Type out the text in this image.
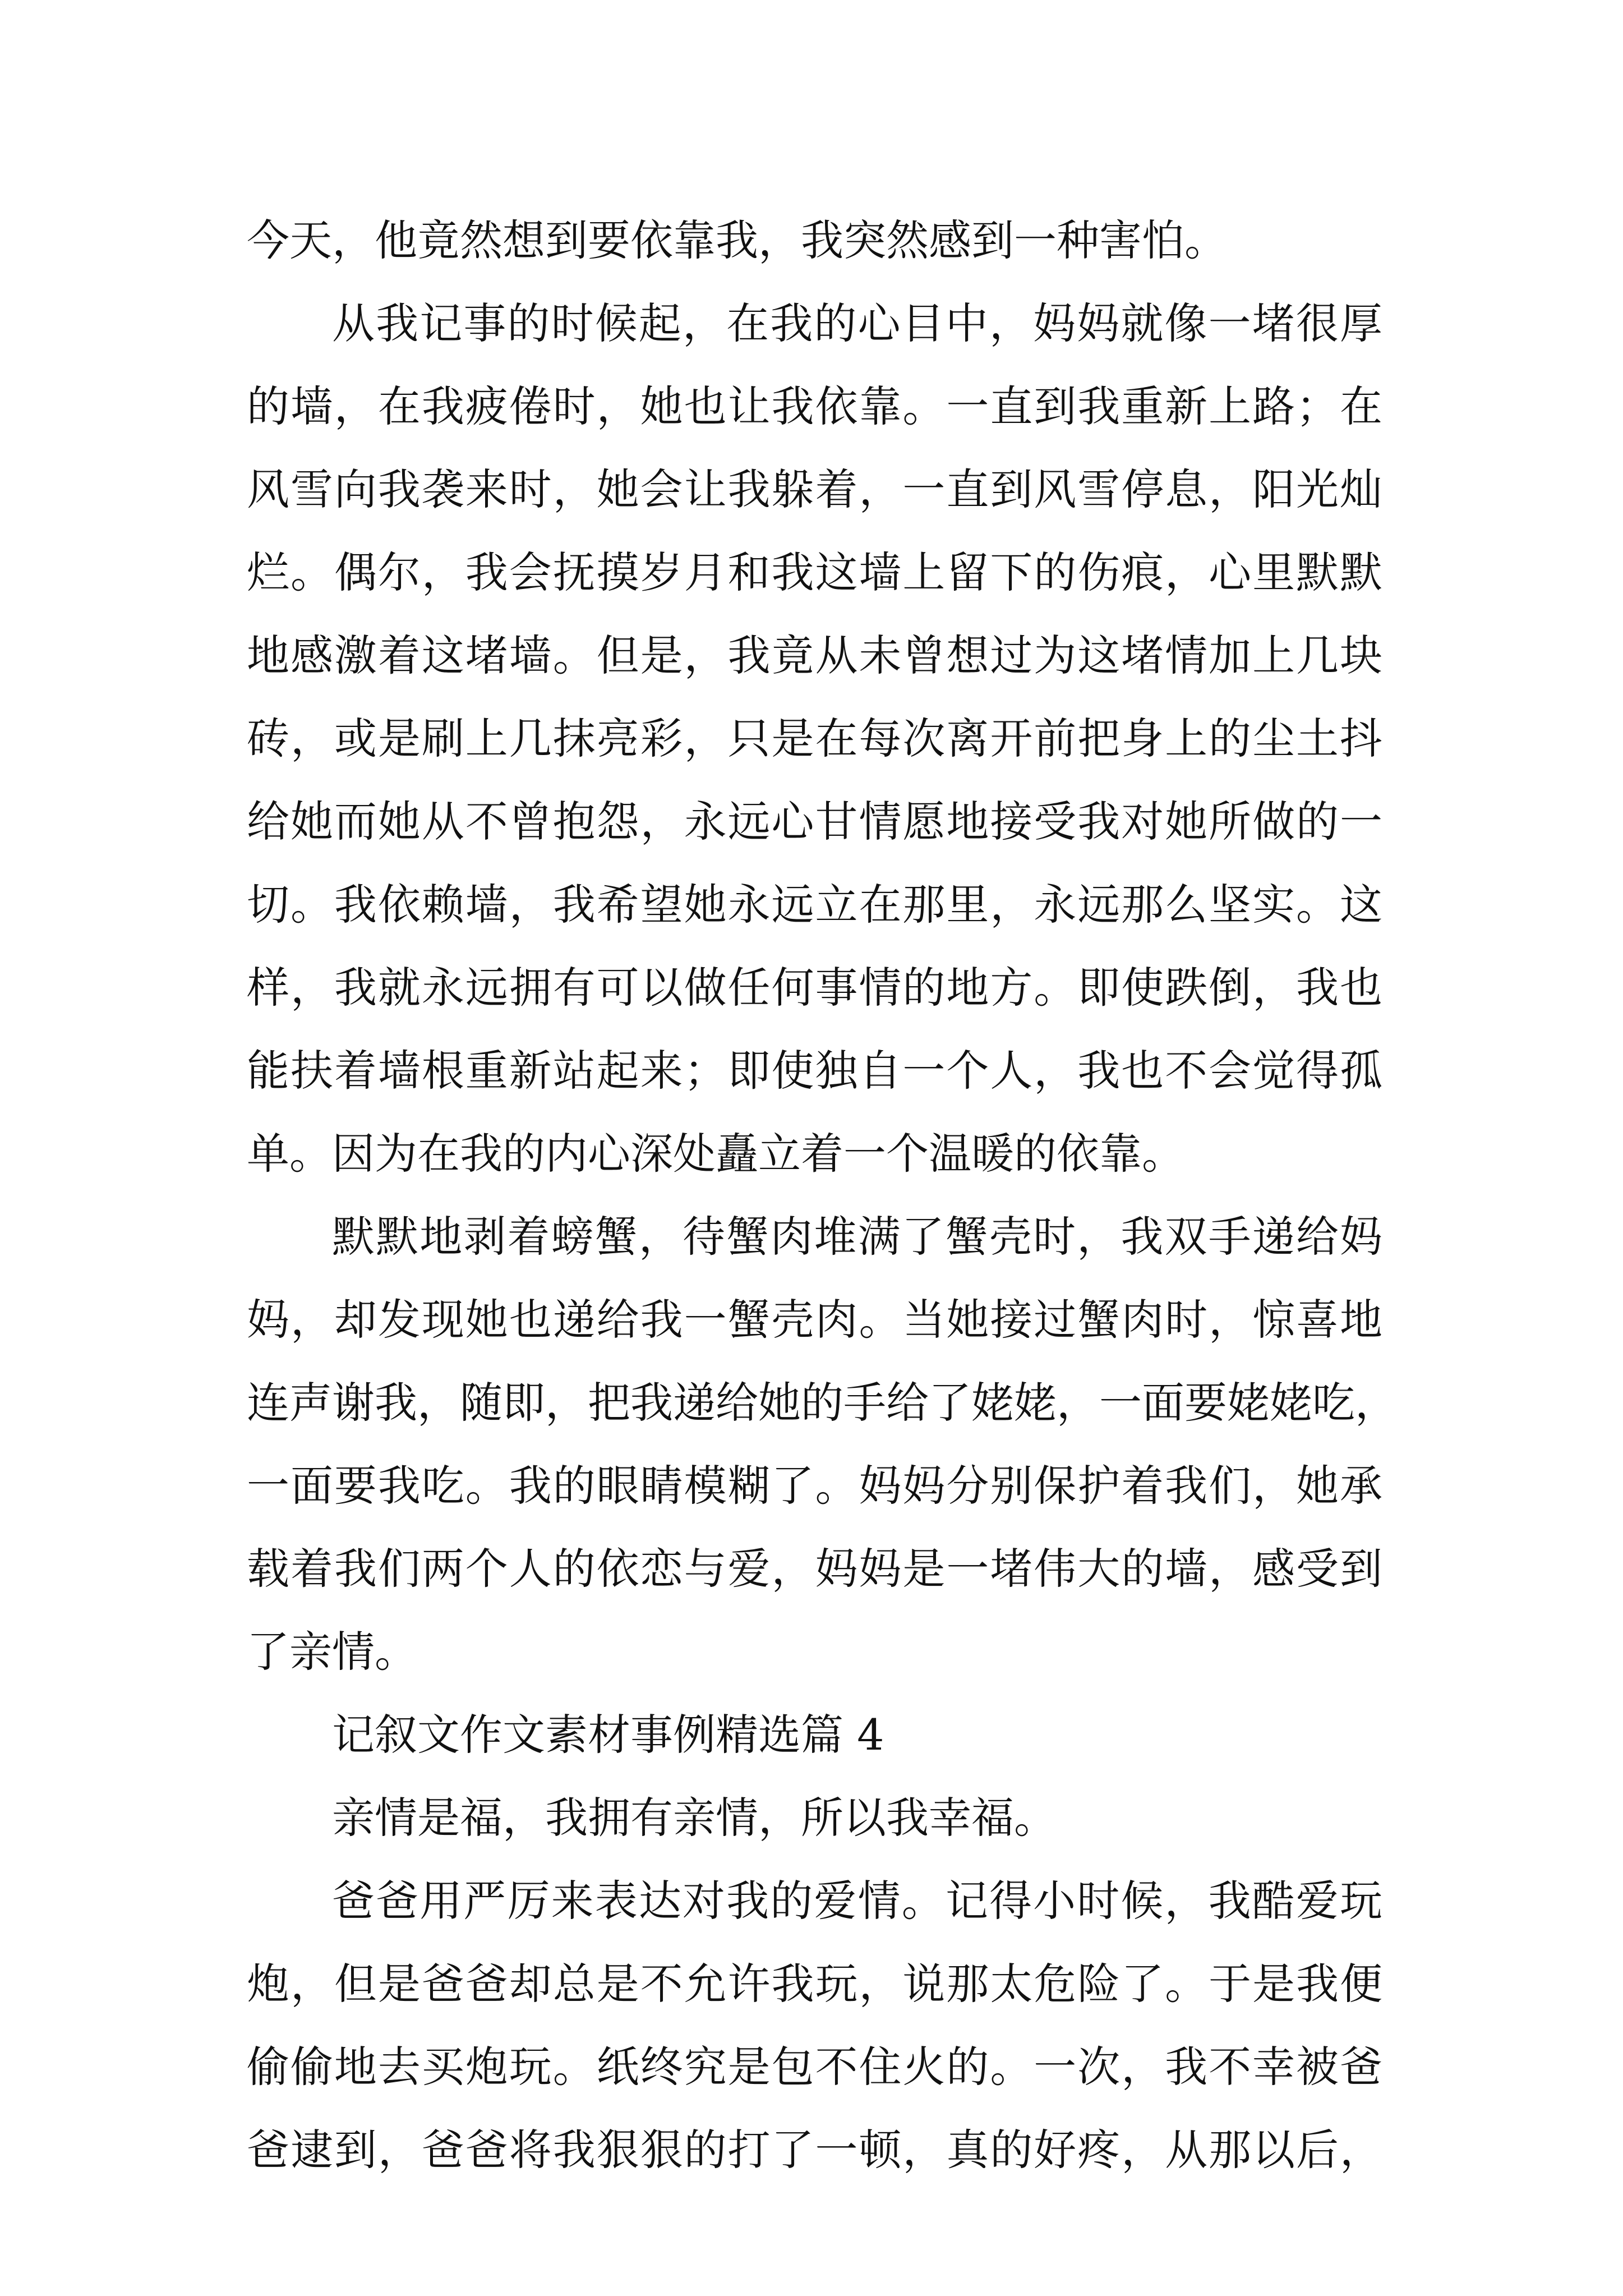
今天，他竟然想到要依靠我，我突然感到一种害怕。
从我记事的时候起，在我的心目中，妈妈就像一堵很厚
的墙，在我疲倦时，她也让我依靠。一直到我重新上路；在
风雪向我袭来时，她会让我躲着，一直到风雪停息，阳光灿
烂。偶尔，我会抚摸岁月和我这墙上留下的伤痕，心里默默
地感激着这堵墙。但是，我竟从未曾想过为这堵情加上几块
砖，或是刷上几抹亮彩，只是在每次离开前把身上的尘土抖
给她而她从不曾抱怨，永远心甘情愿地接受我对她所做的一
切。我依赖墙，我希望她永远立在那里，永远那么坚实。这
样，我就永远拥有可以做任何事情的地方。即使跌倒，我也
能扶着墙根重新站起来；即使独自一个人，我也不会觉得孤
单。因为在我的内心深处矗立着一个温暖的依靠。
默默地剥着螃蟹，待蟹肉堆满了蟹壳时，我双手递给妈
妈，却发现她也递给我一蟹壳肉。当她接过蟹肉时，惊喜地
连声谢我，随即，把我递给她的手给了姥姥，一面要姥姥吃，
一面要我吃。我的眼睛模糊了。妈妈分别保护着我们，她承
载着我们两个人的依恋与爱，妈妈是一堵伟大的墙，感受到
了亲情。
记叙文作文素材事例精选篇 4
亲情是福，我拥有亲情，所以我幸福。
爸爸用严厉来表达对我的爱情。记得小时候，我酷爱玩
炮，但是爸爸却总是不允许我玩，说那太危险了。于是我便
偷偷地去买炮玩。纸终究是包不住火的。一次，我不幸被爸
爸逮到，爸爸将我狠狠的打了一顿，真的好疼，从那以后，
